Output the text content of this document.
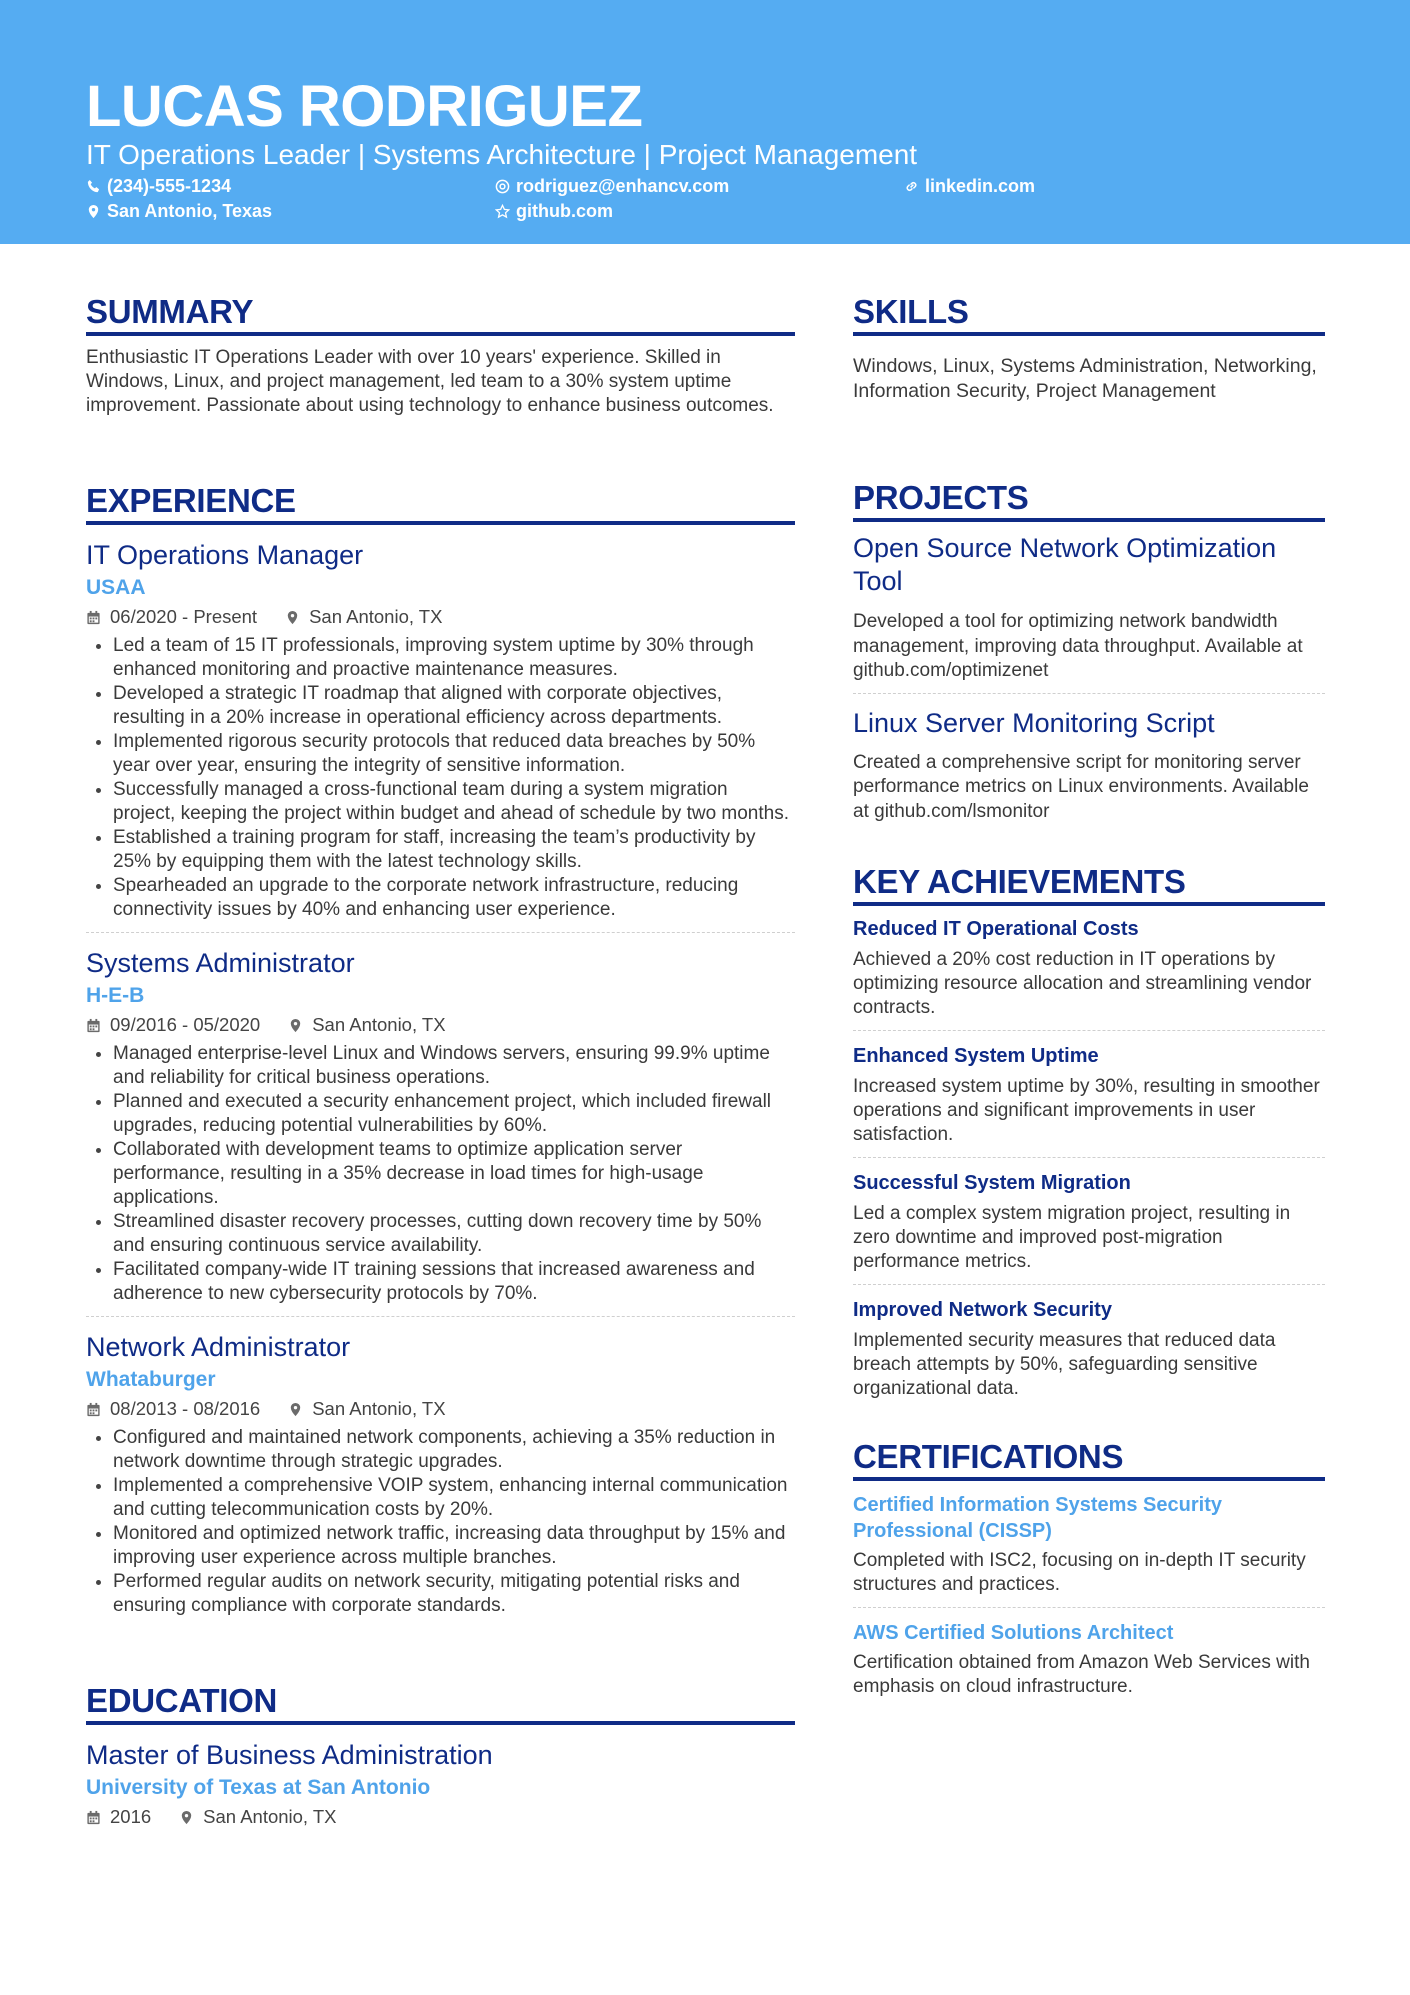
LUCAS RODRIGUEZ
IT Operations Leader | Systems Architecture | Project Management
(234)-555-1234	rodriguez@enhancv.com	linkedin.com
San Antonio, Texas	github.com
SUMMARY
Enthusiastic IT Operations Leader with over 10 years' experience. Skilled in Windows, Linux, and project management, led team to a 30% system uptime improvement. Passionate about using technology to enhance business outcomes.
EXPERIENCE
IT Operations Manager
USAA
06/2020 - Present	San Antonio, TX
Led a team of 15 IT professionals, improving system uptime by 30% through enhanced monitoring and proactive maintenance measures.
Developed a strategic IT roadmap that aligned with corporate objectives, resulting in a 20% increase in operational efficiency across departments.
Implemented rigorous security protocols that reduced data breaches by 50% year over year, ensuring the integrity of sensitive information.
Successfully managed a cross-functional team during a system migration project, keeping the project within budget and ahead of schedule by two months.
Established a training program for staff, increasing the team’s productivity by 25% by equipping them with the latest technology skills.
Spearheaded an upgrade to the corporate network infrastructure, reducing connectivity issues by 40% and enhancing user experience.
Systems Administrator
H-E-B
09/2016 - 05/2020	San Antonio, TX
Managed enterprise-level Linux and Windows servers, ensuring 99.9% uptime and reliability for critical business operations.
Planned and executed a security enhancement project, which included firewall upgrades, reducing potential vulnerabilities by 60%.
Collaborated with development teams to optimize application server performance, resulting in a 35% decrease in load times for high-usage applications.
Streamlined disaster recovery processes, cutting down recovery time by 50% and ensuring continuous service availability.
Facilitated company-wide IT training sessions that increased awareness and adherence to new cybersecurity protocols by 70%.
Network Administrator
Whataburger
08/2013 - 08/2016	San Antonio, TX
Configured and maintained network components, achieving a 35% reduction in network downtime through strategic upgrades.
Implemented a comprehensive VOIP system, enhancing internal communication and cutting telecommunication costs by 20%.
Monitored and optimized network traffic, increasing data throughput by 15% and improving user experience across multiple branches.
Performed regular audits on network security, mitigating potential risks and ensuring compliance with corporate standards.
EDUCATION
Master of Business Administration
University of Texas at San Antonio
2016	San Antonio, TX
SKILLS
Windows, Linux, Systems Administration, Networking, Information Security, Project Management
PROJECTS
Open Source Network Optimization Tool
Developed a tool for optimizing network bandwidth management, improving data throughput. Available at github.com/optimizenet
Linux Server Monitoring Script
Created a comprehensive script for monitoring server performance metrics on Linux environments. Available at github.com/lsmonitor
KEY ACHIEVEMENTS
Reduced IT Operational Costs
Achieved a 20% cost reduction in IT operations by optimizing resource allocation and streamlining vendor contracts.
Enhanced System Uptime
Increased system uptime by 30%, resulting in smoother operations and significant improvements in user satisfaction.
Successful System Migration
Led a complex system migration project, resulting in zero downtime and improved post-migration performance metrics.
Improved Network Security
Implemented security measures that reduced data breach attempts by 50%, safeguarding sensitive organizational data.
CERTIFICATIONS
Certified Information Systems Security Professional (CISSP)
Completed with ISC2, focusing on in-depth IT security structures and practices.
AWS Certified Solutions Architect
Certification obtained from Amazon Web Services with emphasis on cloud infrastructure.
